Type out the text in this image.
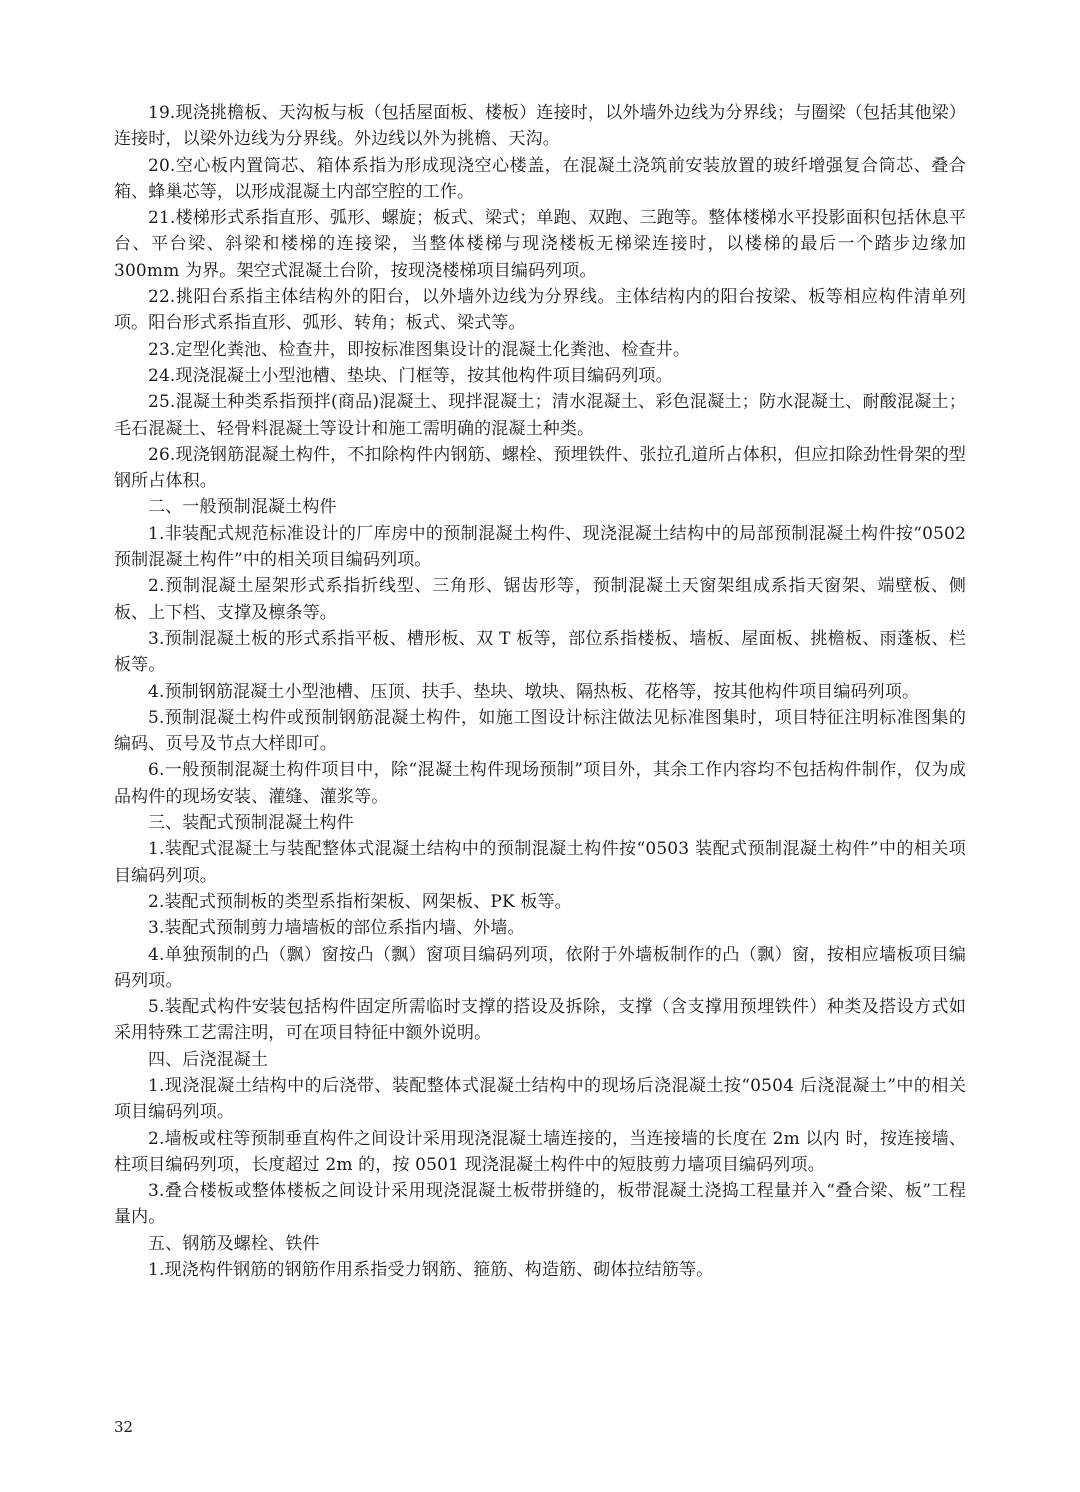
19.现浇挑檐板、天沟板与板（包括屋面板、楼板）连接时，以外墙外边线为分界线；与圈梁（包括其他梁）连接时，以梁外边线为分界线。外边线以外为挑檐、天沟。

20.空心板内置筒芯、箱体系指为形成现浇空心楼盖，在混凝土浇筑前安装放置的玻纤增强复合筒芯、叠合箱、蜂巢芯等，以形成混凝土内部空腔的工作。

21.楼梯形式系指直形、弧形、螺旋；板式、梁式；单跑、双跑、三跑等。整体楼梯水平投影面积包括休息平台、平台梁、斜梁和楼梯的连接梁，当整体楼梯与现浇楼板无梯梁连接时，以楼梯的最后一个踏步边缘加 300mm 为界。架空式混凝土台阶，按现浇楼梯项目编码列项。

22.挑阳台系指主体结构外的阳台，以外墙外边线为分界线。主体结构内的阳台按梁、板等相应构件清单列项。阳台形式系指直形、弧形、转角；板式、梁式等。

23.定型化粪池、检查井，即按标准图集设计的混凝土化粪池、检查井。

24.现浇混凝土小型池槽、垫块、门框等，按其他构件项目编码列项。

25.混凝土种类系指预拌(商品)混凝土、现拌混凝土；清水混凝土、彩色混凝土；防水混凝土、耐酸混凝土；毛石混凝土、轻骨料混凝土等设计和施工需明确的混凝土种类。

26.现浇钢筋混凝土构件，不扣除构件内钢筋、螺栓、预埋铁件、张拉孔道所占体积，但应扣除劲性骨架的型钢所占体积。

二、一般预制混凝土构件

1.非装配式规范标准设计的厂库房中的预制混凝土构件、现浇混凝土结构中的局部预制混凝土构件按“0502 预制混凝土构件”中的相关项目编码列项。

2.预制混凝土屋架形式系指折线型、三角形、锯齿形等，预制混凝土天窗架组成系指天窗架、端壁板、侧板、上下档、支撑及檩条等。

3.预制混凝土板的形式系指平板、槽形板、双 T 板等，部位系指楼板、墙板、屋面板、挑檐板、雨蓬板、栏板等。

4.预制钢筋混凝土小型池槽、压顶、扶手、垫块、墩块、隔热板、花格等，按其他构件项目编码列项。

5.预制混凝土构件或预制钢筋混凝土构件，如施工图设计标注做法见标准图集时，项目特征注明标准图集的编码、页号及节点大样即可。

6.一般预制混凝土构件项目中，除“混凝土构件现场预制”项目外，其余工作内容均不包括构件制作，仅为成品构件的现场安装、灌缝、灌浆等。

三、装配式预制混凝土构件

1.装配式混凝土与装配整体式混凝土结构中的预制混凝土构件按“0503 装配式预制混凝土构件”中的相关项目编码列项。

2.装配式预制板的类型系指桁架板、网架板、PK 板等。

3.装配式预制剪力墙墙板的部位系指内墙、外墙。

4.单独预制的凸（飘）窗按凸（飘）窗项目编码列项，依附于外墙板制作的凸（飘）窗，按相应墙板项目编码列项。

5.装配式构件安装包括构件固定所需临时支撑的搭设及拆除，支撑（含支撑用预埋铁件）种类及搭设方式如采用特殊工艺需注明，可在项目特征中额外说明。

四、后浇混凝土

1.现浇混凝土结构中的后浇带、装配整体式混凝土结构中的现场后浇混凝土按“0504 后浇混凝土”中的相关项目编码列项。

2.墙板或柱等预制垂直构件之间设计采用现浇混凝土墙连接的，当连接墙的长度在 2m 以内 时，按连接墙、柱项目编码列项，长度超过 2m 的，按 0501 现浇混凝土构件中的短肢剪力墙项目编码列项。

3.叠合楼板或整体楼板之间设计采用现浇混凝土板带拼缝的，板带混凝土浇捣工程量并入“叠合梁、板”工程量内。

五、钢筋及螺栓、铁件

1.现浇构件钢筋的钢筋作用系指受力钢筋、箍筋、构造筋、砌体拉结筋等。

32
